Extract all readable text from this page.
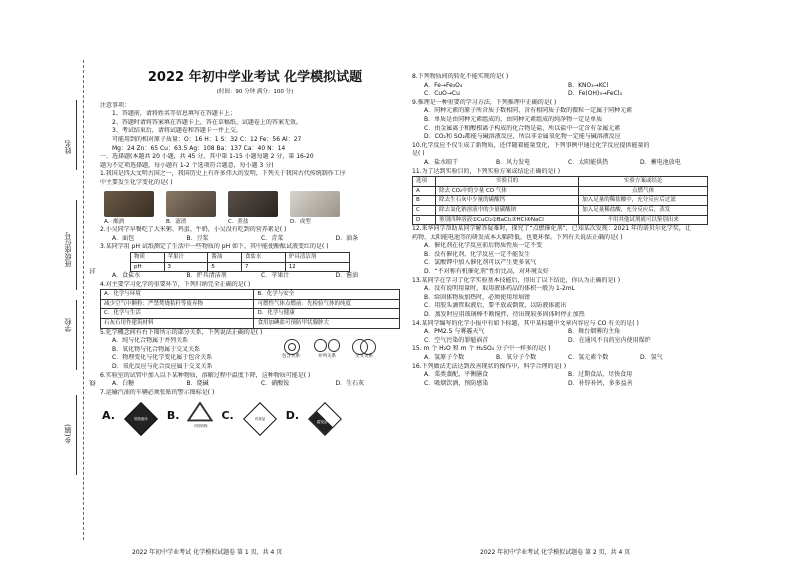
姓名
班级座位号
学校
乡(镇)
封
线
2022 年初中学业考试 化学模拟试题
(时间：90 分钟 满分：100 分)
注意事项：
1、答题前，请将姓名等信息填写在答题卡上；
2、答题时请将答案填在答题卡上，答在草稿纸、试题卷上的答案无效。
3、考试结束后，请将试题卷和答题卡一并上交。
可能用到的相对原子质量：O：16 H：1 S：32 C：12 Fe：56 Al：27
Mg：24 Zn：65 Cu：63.5 Ag：108 Ba：137 Ca：40 N：14
一、选择题(本题共 20 小题，共 45 分，其中第 1-15 小题每题 2 分，第 16-20
题为不定项选择题，每小题有 1-2 个选项符合题意，每小题 3 分)
1.我国是四大文明古国之一，我国历史上有许多伟大的发明，下列关于我国古代传统制作工序
中主要发生化学变化的是( )
A．酿酒	B．滤渣	C．煮盐	D．成型
2.小吴同学早餐吃了大米粥、鸡蛋、牛奶，小吴没有吃到的营养素是( )
A．面包	B．豆浆	C．青菜	D．油条
3.某同学用 pH 试纸测定了生活中一些物质的 pH 如下，其中能使酚酞试液变红的是( )
物质	苹果汁	酱油	食盐水	炉具清洁剂
pH	3	5	7	12
A．食盐水	B．炉具清洁剂	C．苹果汁	D．酱油
4.对主要学习化学的重要环节，下列归纳完全正确的是( )
A．化学与环境	B．化学与安全
减少空气中颗粒：严禁焚烧秸秆等废弃物	可燃性气体点燃前：先检验气体的纯度
C．化学与生活	D．化学与健康
石灰石用作建筑材料	食用加碘盐可预防甲状腺肿大
5.化学概念间有右下图所示的部分关系，下列说法正确的是( )
A．纯与化合物属于并列关系
B．氧化物与化合物属于交叉关系
C．物理变化与化学变化属于包含关系
D．氧化反应与化合反应属于交叉关系
包含关系	并列关系	交叉关系
6.实验室的试管中加入以下某种物质，溶解过程中温度下降，这种物质可能是( )
A．白糖	B．烧碱	C．硝酸铵	D．生石灰
7.运输汽油的车辆必须张贴的警示图标是( )
A.	易燃液体 B.
可回收物
C.	有毒品 D.	腐蚀品
2022 年初中学业考试 化学模拟试题卷 第 1 页，共 4 页
8.下列物质间的转化不能实现的是( )
A．Fe→Fe₃O₄	B．KNO₃→KCl
C．CuO→Cu	D．Fe(OH)₃→FeCl₃
9.推理是一种重要的学习方法，下列推理中正确的是( )
A．同种元素的原子所含质子数相同，含有相同质子数的微粒一定属于同种元素
B．单质是由同种元素组成的，由同种元素组成的纯净物一定是单质
C．由金属离子和酸根离子构成的化合物是盐，所以盐中一定含有金属元素
D．CO₂和 SO₂都能与碱溶液反应，所以非金属氧化物一定能与碱溶液反应
10.化学反应不仅生成了新物质，还伴随着能量变化，下列事例中通过化学反应提供能量的
是( )
A．盐水晾干	B．风力发电	C．太阳能供热	D．蓄电池放电
11.为了达到实验目的，下列实验方案或结论正确的是( )
选项	实验目的	实验方案或结论
A	除去 CO₂中的少量 CO 气体	点燃气体
B	除去生石灰中少量的碳酸钙	加入足量的稀盐酸中，充分反应后过滤
C	除去氯化钠溶液中的少量碳酸钠	加入足量稀盐酸，充分反应后，蒸发
D	鉴别四种溶液①CuCl₂②BaCl₂③HCl④NaCl	不用其他试剂就可以鉴别出来
12.来华同学帮助某同学解答疑难时，探究了“点燃催化剂”，已知某次发现：2021 年的诺贝尔化学奖，让
药物、太阳能电池等的研发成本大幅降低，也更环保。下列有关说法正确的是( )
A．催化剂在化学反应前后物质性质一定不变
B．没有催化剂，化学反应一定不能发生
C．氯酸钾中加入催化剂可以产生更多氧气
D．“不对称有机催化剂”性价比高，对环境友好
13.某同学在学习了化学实验基本技能后，得出了以下结论，你认为正确的是( )
A．没有说明用量时，取用液体药品的体积一般为 1-2mL
B．给固体物质加热时，必须使用坩埚钳
C．用胶头滴管取液后，要平放或倒置，以防液体流出
D．蒸发时应用玻璃棒不断搅拌，待出现较多固体时停止加热
14.某同学编写的化学小报中有如下标题，其中某标题中文章内容应与 CO 有关的是( )
A．PM2.5 与雾霾天气	B．舞台烟雾的主角
C．空气污染的罪魁祸首	D．在通风不良的室内使用煤炉
15. m 个 H₂O 和 m 个 H₂SO₄ 分子中一样多的是( )
A．氢原子个数	B．氧分子个数	C．氢元素个数	D．氢气
16.下列做法无法达到改善现状的操作中，科学合理的是( )
A．菜类蒸配，平衡膳食	B．过期食品，尽快食用
C．吸烟饮酒，预防感染	D．补锌补钙，多多益善
2022 年初中学业考试 化学模拟试题卷 第 2 页，共 4 页
